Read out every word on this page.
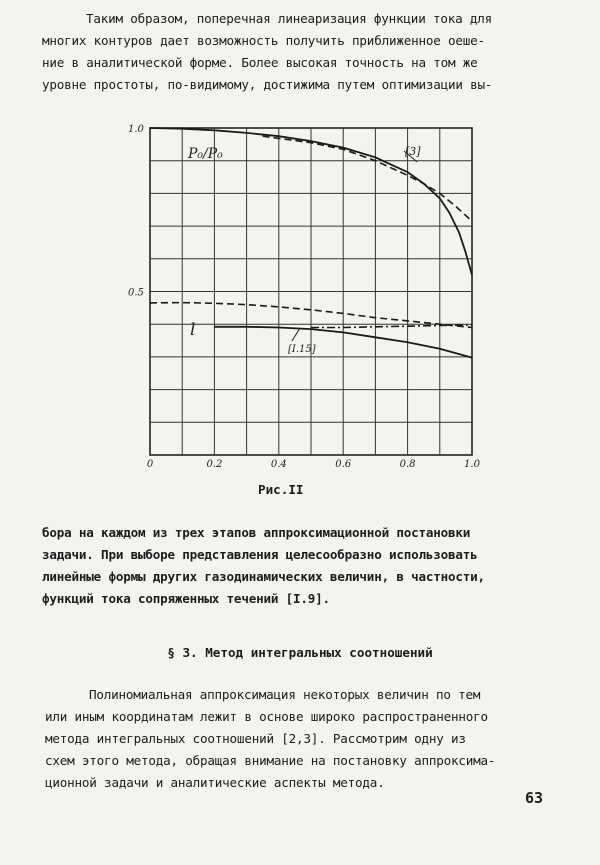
Таким образом, поперечная линеаризация функции тока для
многих контуров дает возможность получить приближенное оеше-
ние в аналитической форме. Более высокая точность на том же
уровне простоты, по-видимому, достижима путем оптимизации вы-
0	0.2	0.4	0.6	0.8	1.0
1.0
0.5
P₀/P₀	[3]
l
[I.15]
Рис.II
бора на каждом из трех этапов аппроксимационной постановки
задачи. При выборе представления целесообразно использовать
линейные формы других газодинамических величин, в частности,
функций тока сопряженных течений [I.9].
§ 3. Метод интегральных соотношений
Полиномиальная аппроксимация некоторых величин по тем
или иным координатам лежит в основе широко распространенного
метода интегральных соотношений [2,3]. Рассмотрим одну из
схем этого метода, обращая внимание на постановку аппроксима-
ционной задачи и аналитические аспекты метода.
63
